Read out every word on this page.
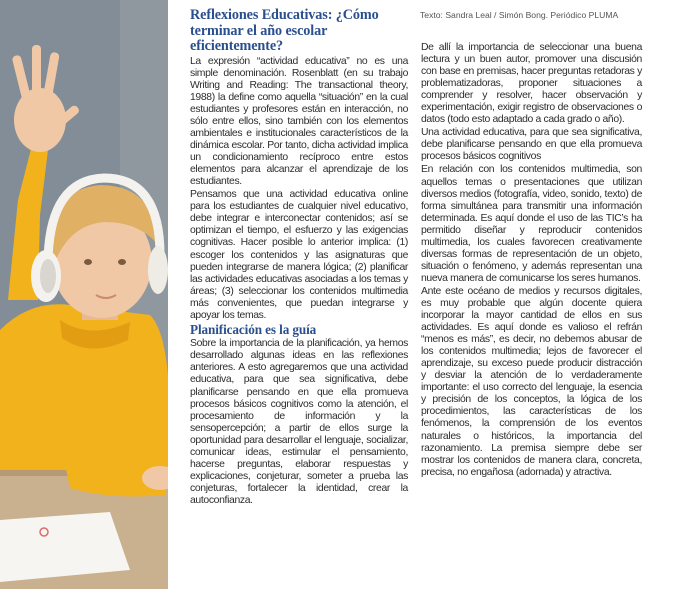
Texto: Sandra Leal / Simón Bong. Periódico PLUMA
Reflexiones Educativas: ¿Cómo terminar el año escolar eficientemente?

La expresión “actividad educativa” no es una simple denominación. Rosenblatt (en su trabajo Writing and Reading: The transactional theory, 1988) la define como aquella “situación” en la cual estudiantes y profesores están en interacción, no sólo entre ellos, sino también con los elementos ambientales e institucionales característicos de la dinámica escolar. Por tanto, dicha actividad implica un condicionamiento recíproco entre estos elementos para alcanzar el aprendizaje de los estudiantes.

Pensamos que una actividad educativa online para los estudiantes de cualquier nivel educativo, debe integrar e interconectar contenidos; así se optimizan el tiempo, el esfuerzo y las exigencias cognitivas. Hacer posible lo anterior implica: (1) escoger los contenidos y las asignaturas que pueden integrarse de manera lógica; (2) planificar las actividades educativas asociadas a los temas y áreas; (3) seleccionar los contenidos multimedia más convenientes, que puedan integrarse y apoyar los temas.

Planificación es la guía

Sobre la importancia de la planificación, ya hemos desarrollado algunas ideas en las reflexiones anteriores. A esto agregaremos que una actividad educativa, para que sea significativa, debe planificarse pensando en que ella promueva procesos básicos cognitivos como la atención, el procesamiento de información y la sensopercepción; a partir de ellos surge la oportunidad para desarrollar el lenguaje, socializar, comunicar ideas, estimular el pensamiento, hacerse preguntas, elaborar respuestas y explicaciones, conjeturar, someter a prueba las conjeturas, fortalecer la identidad, crear la autoconfianza.

De allí la importancia de seleccionar una buena lectura y un buen autor, promover una discusión con base en premisas, hacer preguntas retadoras y problematizadoras, proponer situaciones a comprender y resolver, hacer observación y experimentación, exigir registro de observaciones o datos (todo esto adaptado a cada grado o año).

Una actividad educativa, para que sea significativa, debe planificarse pensando en que ella promueva procesos básicos cognitivos

En relación con los contenidos multimedia, son aquellos temas o presentaciones que utilizan diversos medios (fotografía, video, sonido, texto) de forma simultánea para transmitir una información determinada. Es aquí donde el uso de las TIC’s ha permitido diseñar y reproducir contenidos multimedia, los cuales favorecen creativamente diversas formas de representación de un objeto, situación o fenómeno, y además representan una nueva manera de comunicarse los seres humanos.

Ante este océano de medios y recursos digitales, es muy probable que algún docente quiera incorporar la mayor cantidad de ellos en sus actividades. Es aquí donde es valioso el refrán “menos es más”, es decir, no debemos abusar de los contenidos multimedia; lejos de favorecer el aprendizaje, su exceso puede producir distracción y desviar la atención de lo verdaderamente importante: el uso correcto del lenguaje, la esencia y precisión de los conceptos, la lógica de los procedimientos, las características de los fenómenos, la comprensión de los eventos naturales o históricos, la importancia del razonamiento. La premisa siempre debe ser mostrar los contenidos de manera clara, concreta, precisa, no engañosa (adornada) y atractiva.
